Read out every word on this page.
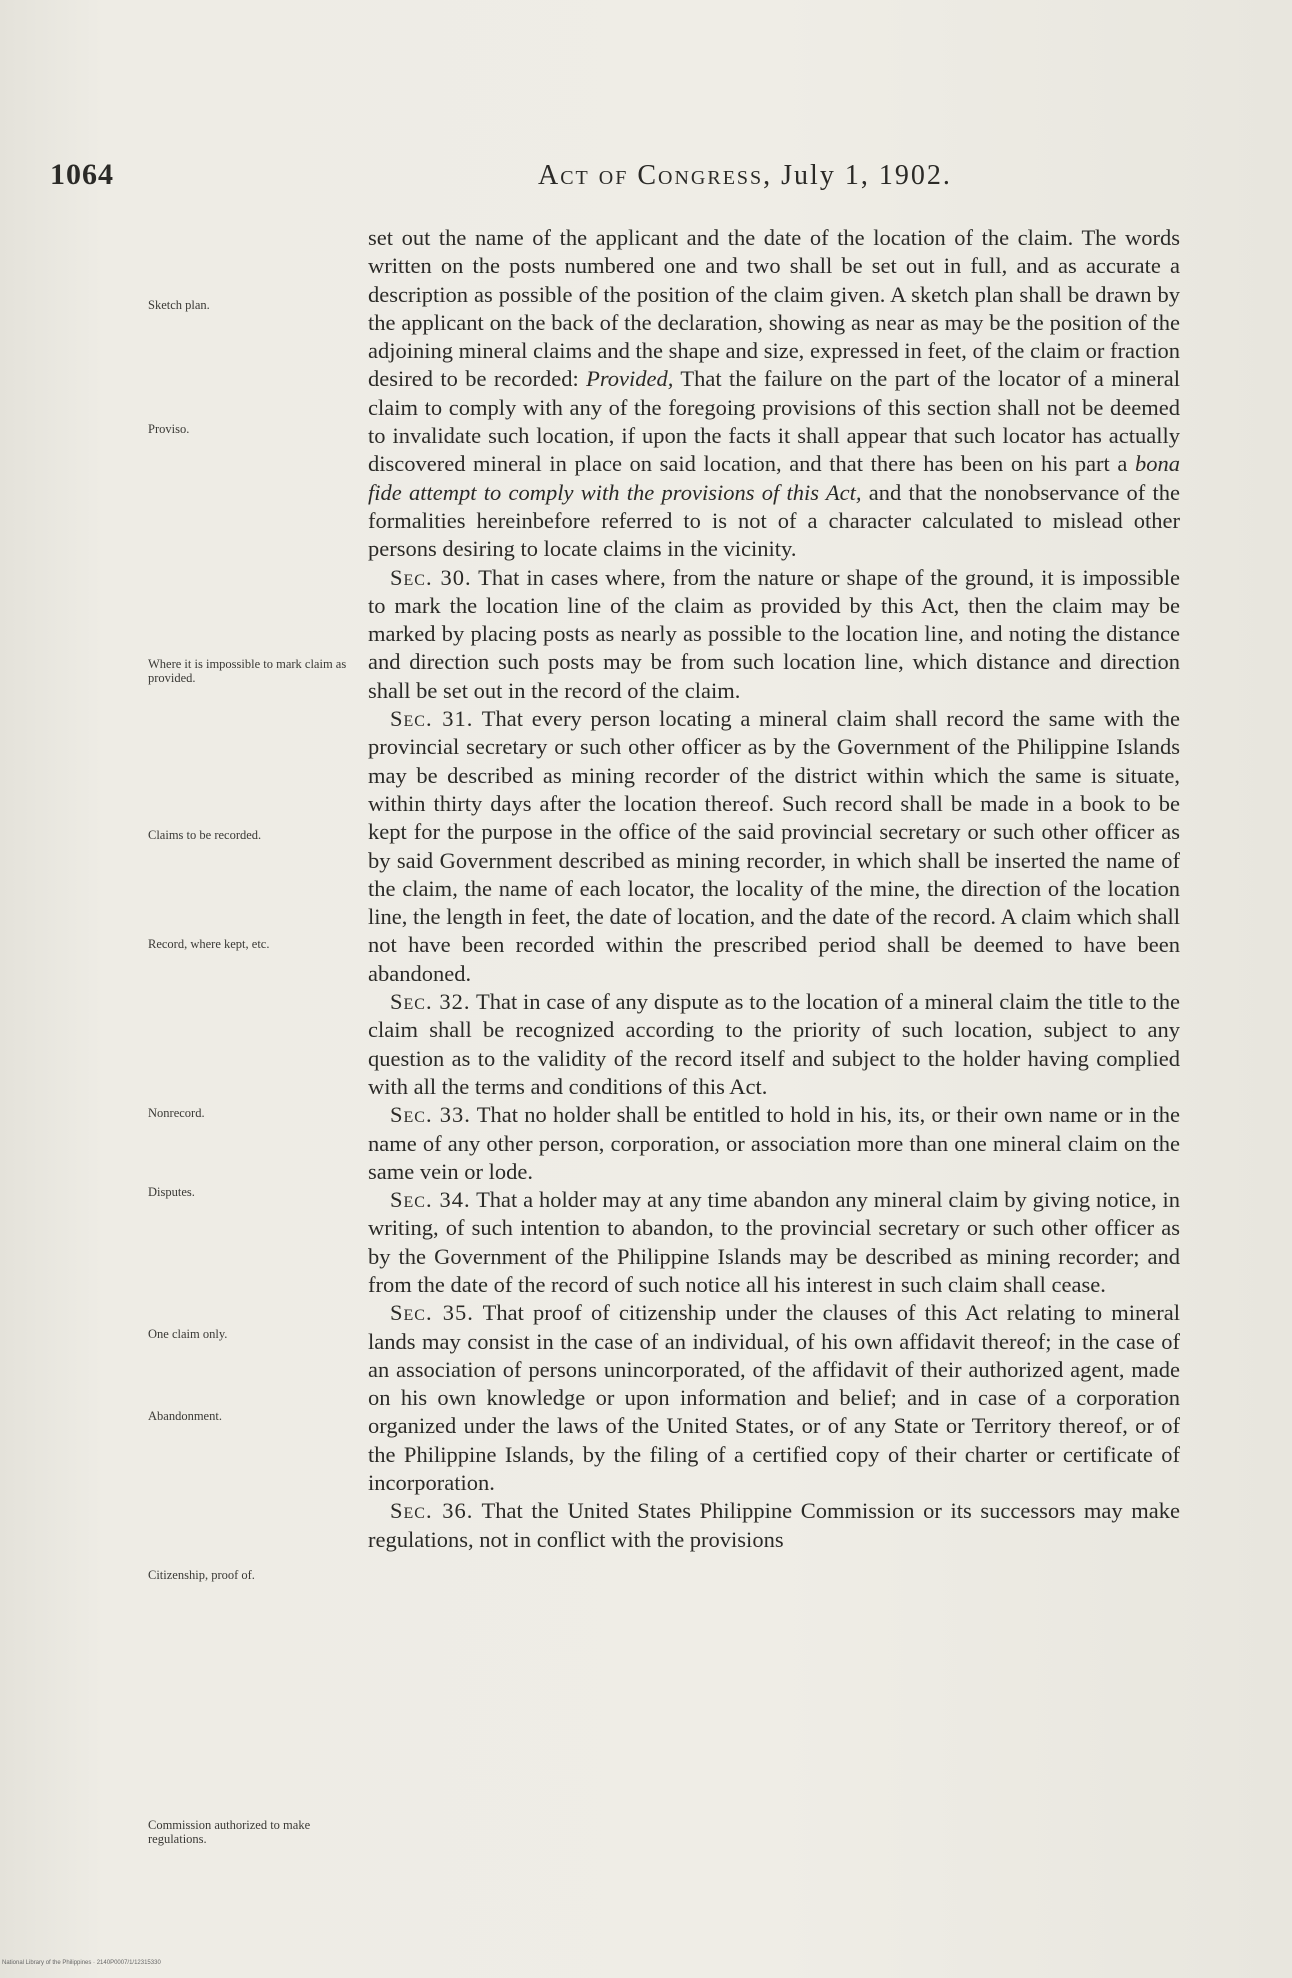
1064	Act of Congress, July 1, 1902.
Sketch plan.
Proviso.
Where it is impossible to mark claim as provided.
Claims to be recorded.
Record, where kept, etc.
Nonrecord.
Disputes.
One claim only.
Abandonment.
Citizenship, proof of.
Commission authorized to make regulations.

set out the name of the applicant and the date of the location of the claim. The words written on the posts numbered one and two shall be set out in full, and as accurate a description as possible of the position of the claim given. A sketch plan shall be drawn by the applicant on the back of the declaration, showing as near as may be the position of the adjoining mineral claims and the shape and size, expressed in feet, of the claim or fraction desired to be recorded: Provided, That the failure on the part of the locator of a mineral claim to comply with any of the foregoing provisions of this section shall not be deemed to invalidate such location, if upon the facts it shall appear that such locator has actually discovered mineral in place on said location, and that there has been on his part a bona fide attempt to comply with the provisions of this Act, and that the nonobservance of the formalities hereinbefore referred to is not of a character calculated to mislead other persons desiring to locate claims in the vicinity.

Sec. 30. That in cases where, from the nature or shape of the ground, it is impossible to mark the location line of the claim as provided by this Act, then the claim may be marked by placing posts as nearly as possible to the location line, and noting the distance and direction such posts may be from such location line, which distance and direction shall be set out in the record of the claim.

Sec. 31. That every person locating a mineral claim shall record the same with the provincial secretary or such other officer as by the Government of the Philippine Islands may be described as mining recorder of the district within which the same is situate, within thirty days after the location thereof. Such record shall be made in a book to be kept for the purpose in the office of the said provincial secretary or such other officer as by said Government described as mining recorder, in which shall be inserted the name of the claim, the name of each locator, the locality of the mine, the direction of the location line, the length in feet, the date of location, and the date of the record. A claim which shall not have been recorded within the prescribed period shall be deemed to have been abandoned.

Sec. 32. That in case of any dispute as to the location of a mineral claim the title to the claim shall be recognized according to the priority of such location, subject to any question as to the validity of the record itself and subject to the holder having complied with all the terms and conditions of this Act.

Sec. 33. That no holder shall be entitled to hold in his, its, or their own name or in the name of any other person, corporation, or association more than one mineral claim on the same vein or lode.

Sec. 34. That a holder may at any time abandon any mineral claim by giving notice, in writing, of such intention to abandon, to the provincial secretary or such other officer as by the Government of the Philippine Islands may be described as mining recorder; and from the date of the record of such notice all his interest in such claim shall cease.

Sec. 35. That proof of citizenship under the clauses of this Act relating to mineral lands may consist in the case of an individual, of his own affidavit thereof; in the case of an association of persons unincorporated, of the affidavit of their authorized agent, made on his own knowledge or upon information and belief; and in case of a corporation organized under the laws of the United States, or of any State or Territory thereof, or of the Philippine Islands, by the filing of a certified copy of their charter or certificate of incorporation.

Sec. 36. That the United States Philippine Commission or its successors may make regulations, not in conflict with the provisions

National Library of the Philippines · 2140P0007/1/12315330
